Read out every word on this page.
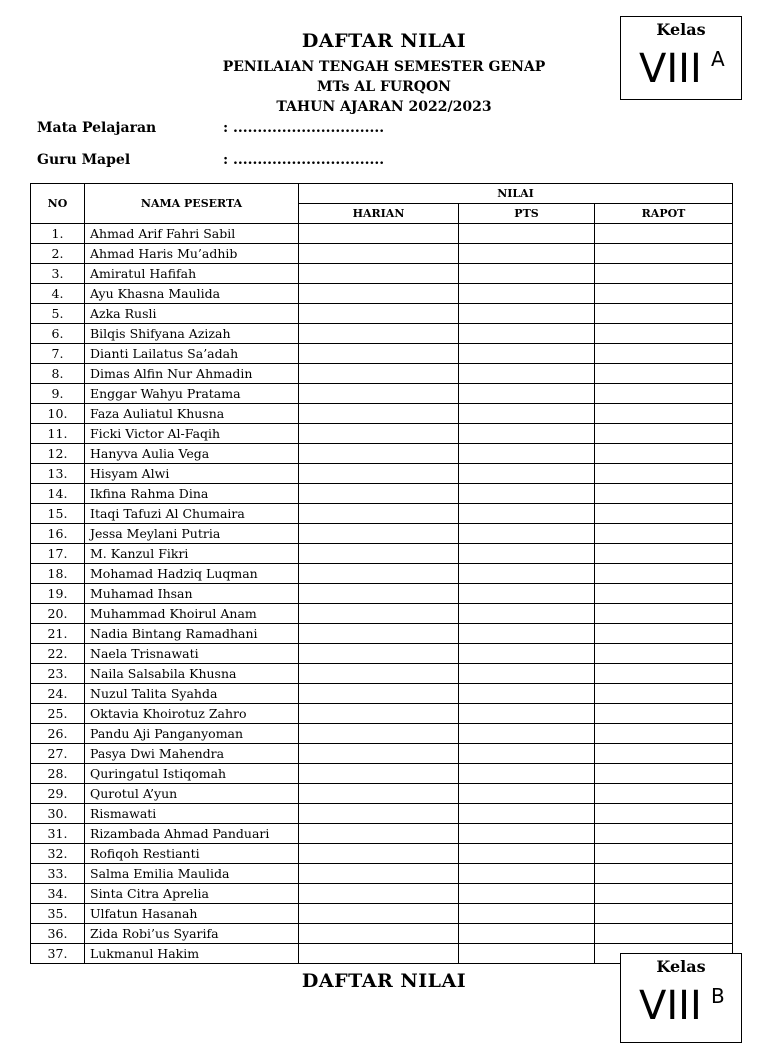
DAFTAR NILAI
PENILAIAN TENGAH SEMESTER GENAP
MTs AL FURQON
TAHUN AJARAN 2022/2023
Kelas
VIII A
Mata Pelajaran	: ...............................
Guru Mapel	: ...............................
NO	NAMA PESERTA	NILAI		
		HARIAN	PTS	RAPOT
1.	Ahmad Arif Fahri Sabil			
2.	Ahmad Haris Mu’adhib			
3.	Amiratul Hafifah			
4.	Ayu Khasna Maulida			
5.	Azka Rusli			
6.	Bilqis Shifyana Azizah			
7.	Dianti Lailatus Sa’adah			
8.	Dimas Alfin Nur Ahmadin			
9.	Enggar Wahyu Pratama			
10.	Faza Auliatul Khusna			
11.	Ficki Victor Al-Faqih			
12.	Hanyva Aulia Vega			
13.	Hisyam Alwi			
14.	Ikfina Rahma Dina			
15.	Itaqi Tafuzi Al Chumaira			
16.	Jessa Meylani Putria			
17.	M. Kanzul Fikri			
18.	Mohamad Hadziq Luqman			
19.	Muhamad Ihsan			
20.	Muhammad Khoirul Anam			
21.	Nadia Bintang Ramadhani			
22.	Naela Trisnawati			
23.	Naila Salsabila Khusna			
24.	Nuzul Talita Syahda			
25.	Oktavia Khoirotuz Zahro			
26.	Pandu Aji Panganyoman			
27.	Pasya Dwi Mahendra			
28.	Quringatul Istiqomah			
29.	Qurotul A’yun			
30.	Rismawati			
31.	Rizambada Ahmad Panduari			
32.	Rofiqoh Restianti			
33.	Salma Emilia Maulida			
34.	Sinta Citra Aprelia			
35.	Ulfatun Hasanah			
36.	Zida Robi’us Syarifa			
37.	Lukmanul Hakim			
DAFTAR NILAI
Kelas
VIII B
